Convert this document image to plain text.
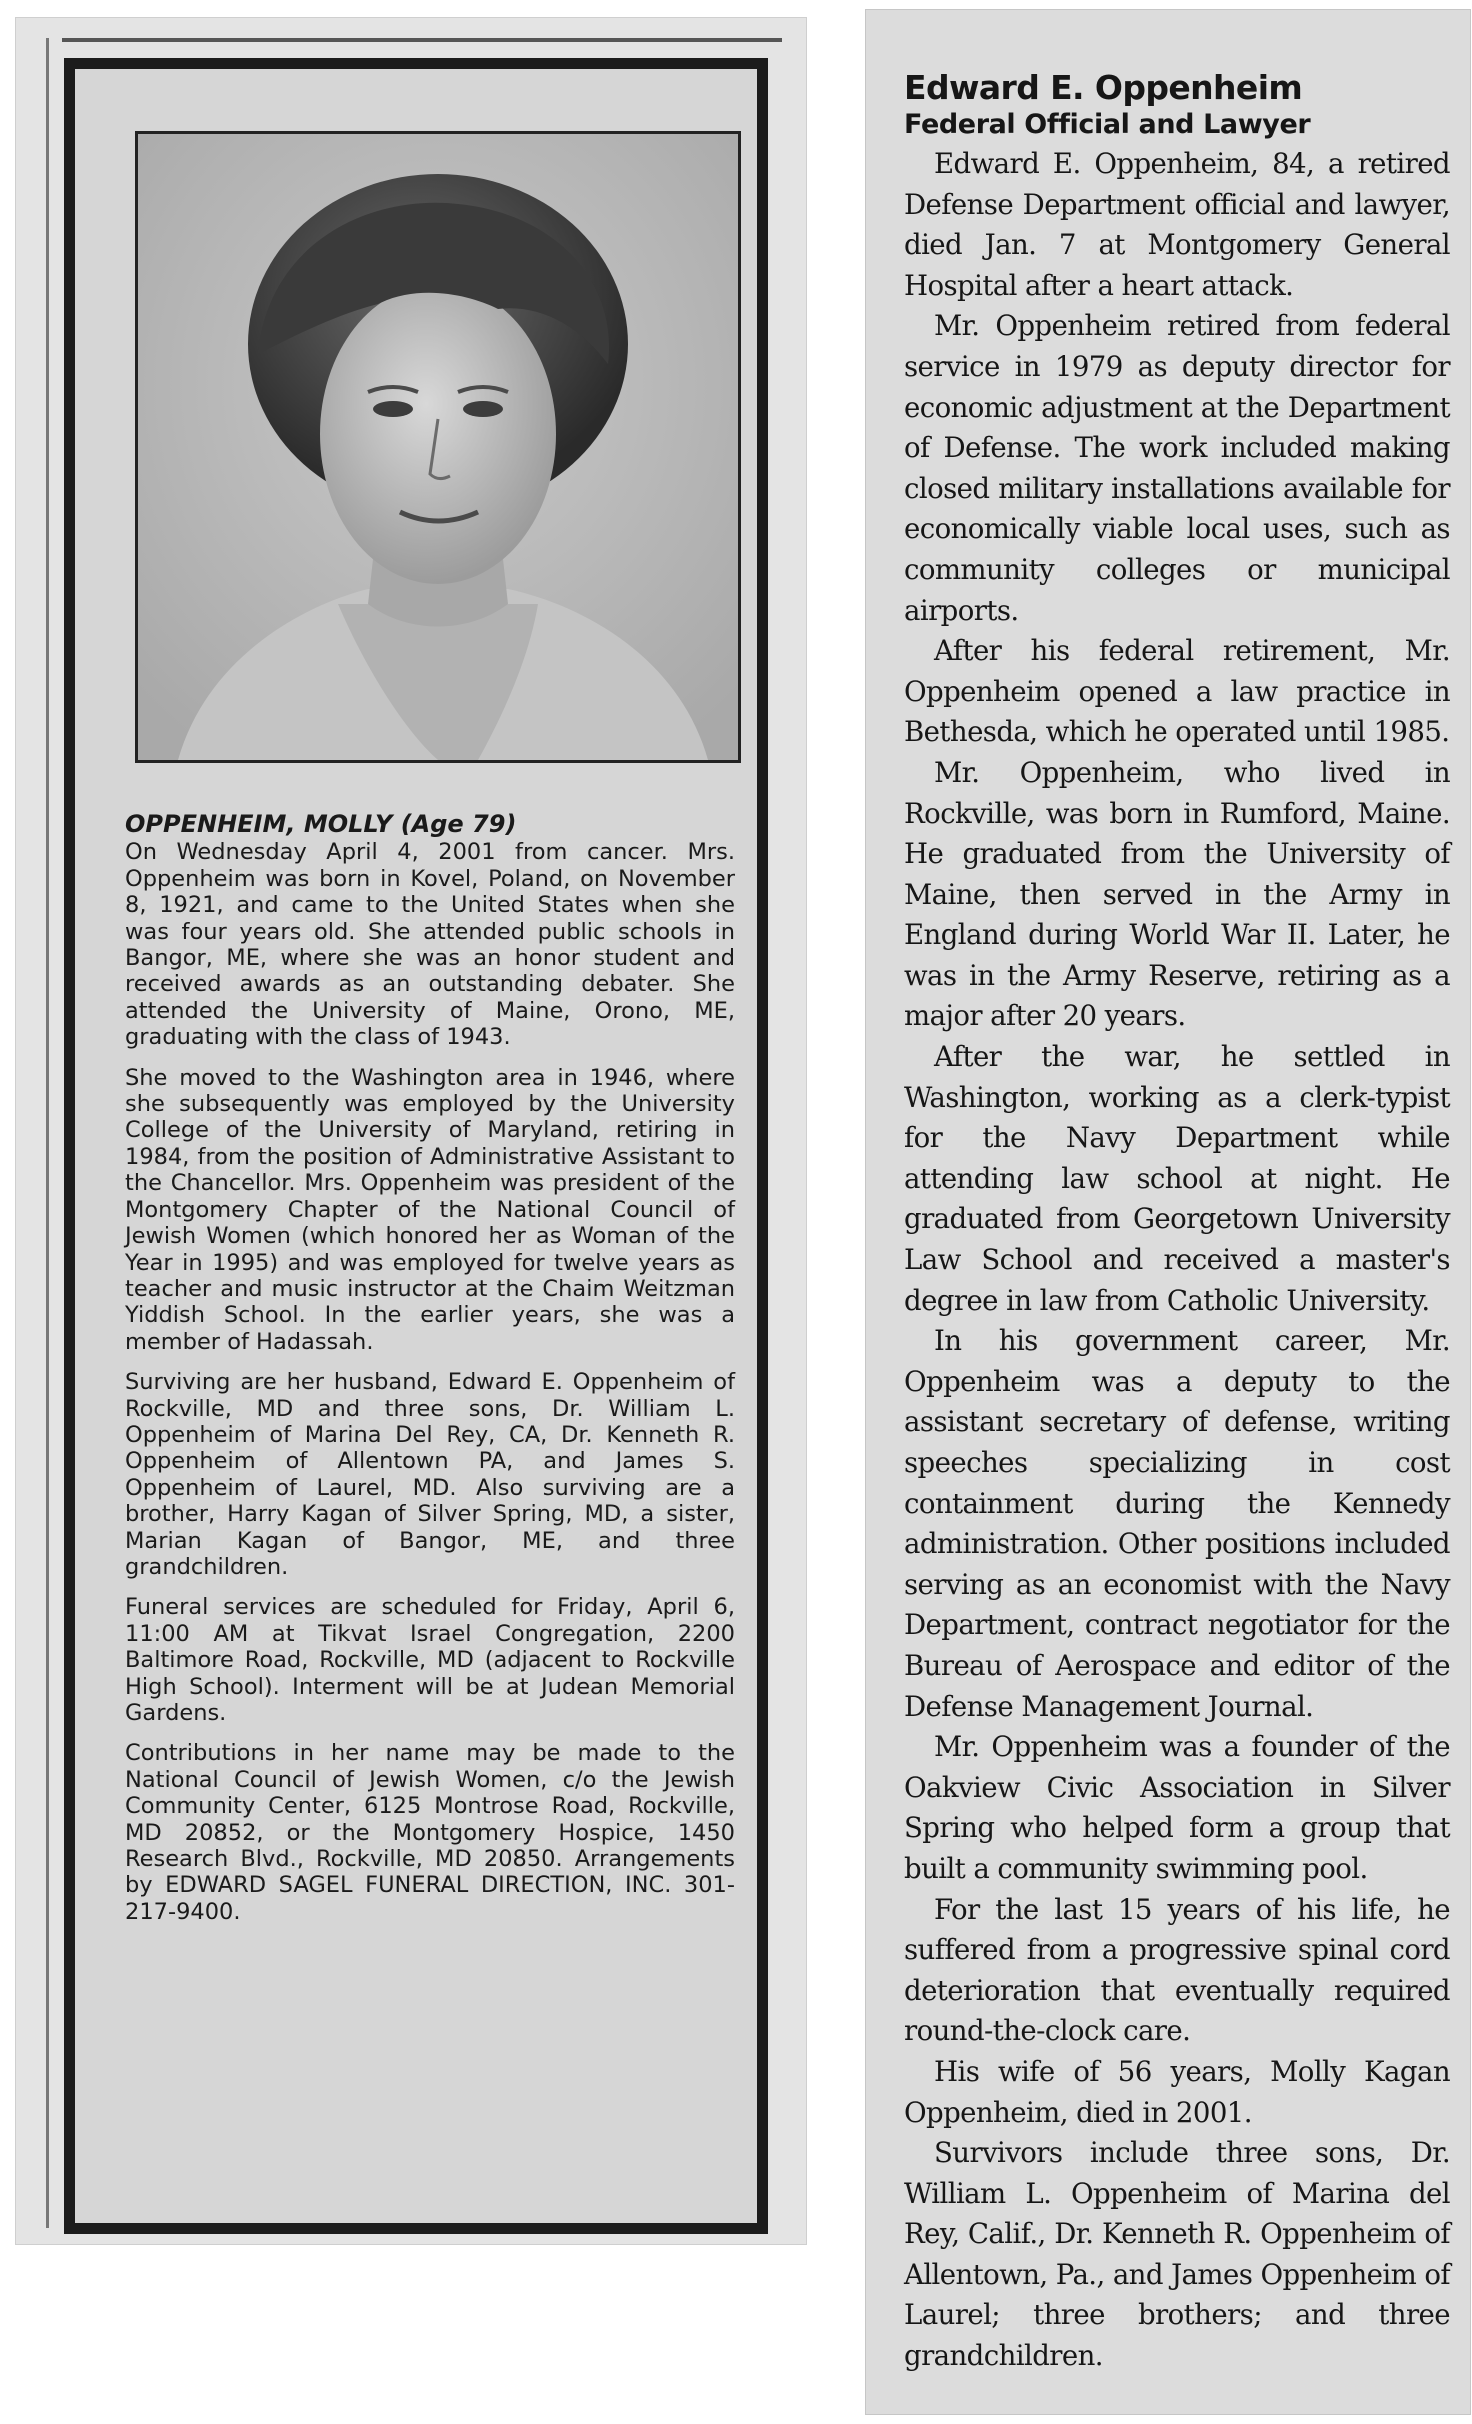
OPPENHEIM, MOLLY (Age 79)

On Wednesday April 4, 2001 from cancer. Mrs. Oppenheim was born in Kovel, Poland, on November 8, 1921, and came to the United States when she was four years old. She attended public schools in Bangor, ME, where she was an honor student and received awards as an outstanding debater. She attended the University of Maine, Orono, ME, graduating with the class of 1943.

She moved to the Washington area in 1946, where she subsequently was employed by the University College of the University of Maryland, retiring in 1984, from the position of Administrative Assistant to the Chancellor. Mrs. Oppenheim was president of the Montgomery Chapter of the National Council of Jewish Women (which honored her as Woman of the Year in 1995) and was employed for twelve years as teacher and music instructor at the Chaim Weitzman Yiddish School. In the earlier years, she was a member of Hadassah.

Surviving are her husband, Edward E. Oppenheim of Rockville, MD and three sons, Dr. William L. Oppenheim of Marina Del Rey, CA, Dr. Kenneth R. Oppenheim of Allentown PA, and James S. Oppenheim of Laurel, MD. Also surviving are a brother, Harry Kagan of Silver Spring, MD, a sister, Marian Kagan of Bangor, ME, and three grandchildren.

Funeral services are scheduled for Friday, April 6, 11:00 AM at Tikvat Israel Congregation, 2200 Baltimore Road, Rockville, MD (adjacent to Rockville High School). Interment will be at Judean Memorial Gardens.

Contributions in her name may be made to the National Council of Jewish Women, c/o the Jewish Community Center, 6125 Montrose Road, Rockville, MD 20852, or the Montgomery Hospice, 1450 Research Blvd., Rockville, MD 20850. Arrangements by EDWARD SAGEL FUNERAL DIRECTION, INC. 301-217-9400.

Edward E. Oppenheim
Federal Official and Lawyer

Edward E. Oppenheim, 84, a retired Defense Department official and lawyer, died Jan. 7 at Montgomery General Hospital after a heart attack.

Mr. Oppenheim retired from federal service in 1979 as deputy director for economic adjustment at the Department of Defense. The work included making closed military installations available for economically viable local uses, such as community colleges or municipal airports.

After his federal retirement, Mr. Oppenheim opened a law practice in Bethesda, which he operated until 1985.

Mr. Oppenheim, who lived in Rockville, was born in Rumford, Maine. He graduated from the University of Maine, then served in the Army in England during World War II. Later, he was in the Army Reserve, retiring as a major after 20 years.

After the war, he settled in Washington, working as a clerk-typist for the Navy Department while attending law school at night. He graduated from Georgetown University Law School and received a master's degree in law from Catholic University.

In his government career, Mr. Oppenheim was a deputy to the assistant secretary of defense, writing speeches specializing in cost containment during the Kennedy administration. Other positions included serving as an economist with the Navy Department, contract negotiator for the Bureau of Aerospace and editor of the Defense Management Journal.

Mr. Oppenheim was a founder of the Oakview Civic Association in Silver Spring who helped form a group that built a community swimming pool.

For the last 15 years of his life, he suffered from a progressive spinal cord deterioration that eventually required round-the-clock care.

His wife of 56 years, Molly Kagan Oppenheim, died in 2001.

Survivors include three sons, Dr. William L. Oppenheim of Marina del Rey, Calif., Dr. Kenneth R. Oppenheim of Allentown, Pa., and James Oppenheim of Laurel; three brothers; and three grandchildren.
